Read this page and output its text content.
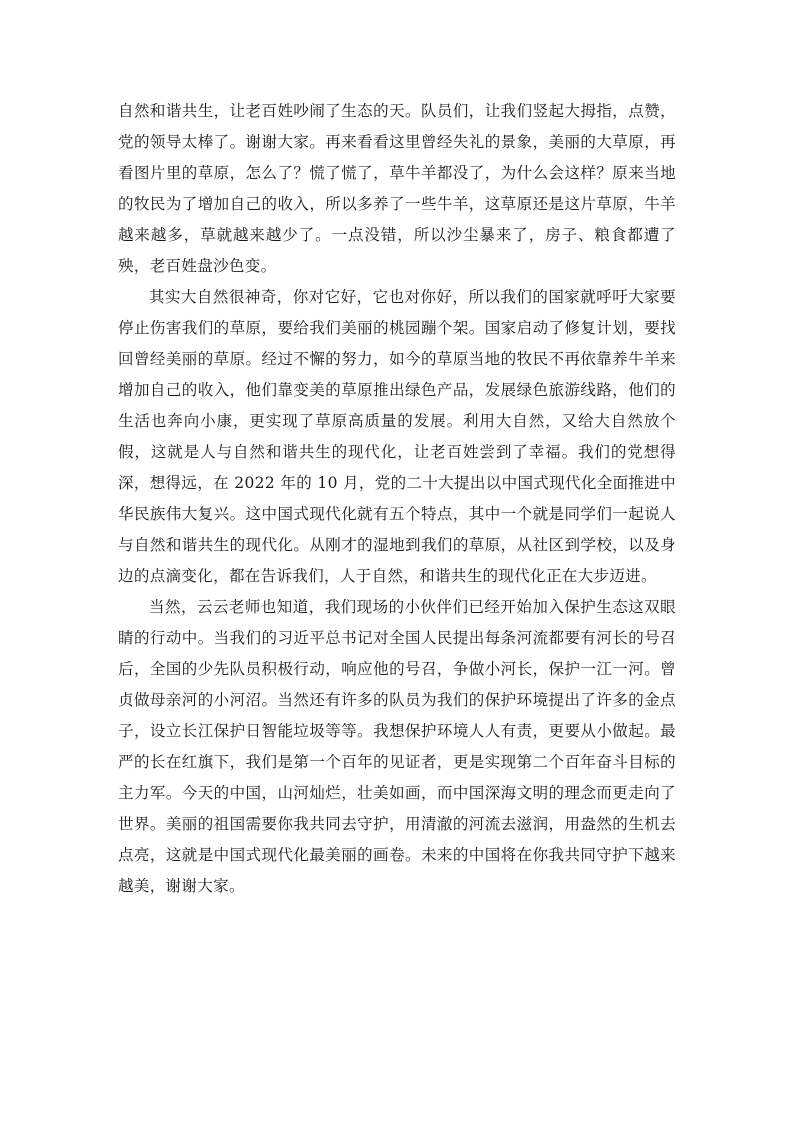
自然和谐共生，让老百姓吵闹了生态的天。队员们，让我们竖起大拇指，点赞，党的领导太棒了。谢谢大家。再来看看这里曾经失礼的景象，美丽的大草原，再看图片里的草原，怎么了？慌了慌了，草牛羊都没了，为什么会这样？原来当地的牧民为了增加自己的收入，所以多养了一些牛羊，这草原还是这片草原，牛羊越来越多，草就越来越少了。一点没错，所以沙尘暴来了，房子、粮食都遭了殃，老百姓盘沙色变。

其实大自然很神奇，你对它好，它也对你好，所以我们的国家就呼吁大家要停止伤害我们的草原，要给我们美丽的桃园蹦个架。国家启动了修复计划，要找回曾经美丽的草原。经过不懈的努力，如今的草原当地的牧民不再依靠养牛羊来增加自己的收入，他们靠变美的草原推出绿色产品，发展绿色旅游线路，他们的生活也奔向小康，更实现了草原高质量的发展。利用大自然，又给大自然放个假，这就是人与自然和谐共生的现代化，让老百姓尝到了幸福。我们的党想得深，想得远，在 2022 年的 10 月，党的二十大提出以中国式现代化全面推进中华民族伟大复兴。这中国式现代化就有五个特点，其中一个就是同学们一起说人与自然和谐共生的现代化。从刚才的湿地到我们的草原，从社区到学校，以及身边的点滴变化，都在告诉我们，人于自然，和谐共生的现代化正在大步迈进。

当然，云云老师也知道，我们现场的小伙伴们已经开始加入保护生态这双眼睛的行动中。当我们的习近平总书记对全国人民提出每条河流都要有河长的号召后，全国的少先队员积极行动，响应他的号召，争做小河长，保护一江一河。曾贞做母亲河的小河沼。当然还有许多的队员为我们的保护环境提出了许多的金点子，设立长江保护日智能垃圾等等。我想保护环境人人有责，更要从小做起。最严的长在红旗下，我们是第一个百年的见证者，更是实现第二个百年奋斗目标的主力军。今天的中国，山河灿烂，壮美如画，而中国深海文明的理念而更走向了世界。美丽的祖国需要你我共同去守护，用清澈的河流去滋润，用盎然的生机去点亮，这就是中国式现代化最美丽的画卷。未来的中国将在你我共同守护下越来越美，谢谢大家。
